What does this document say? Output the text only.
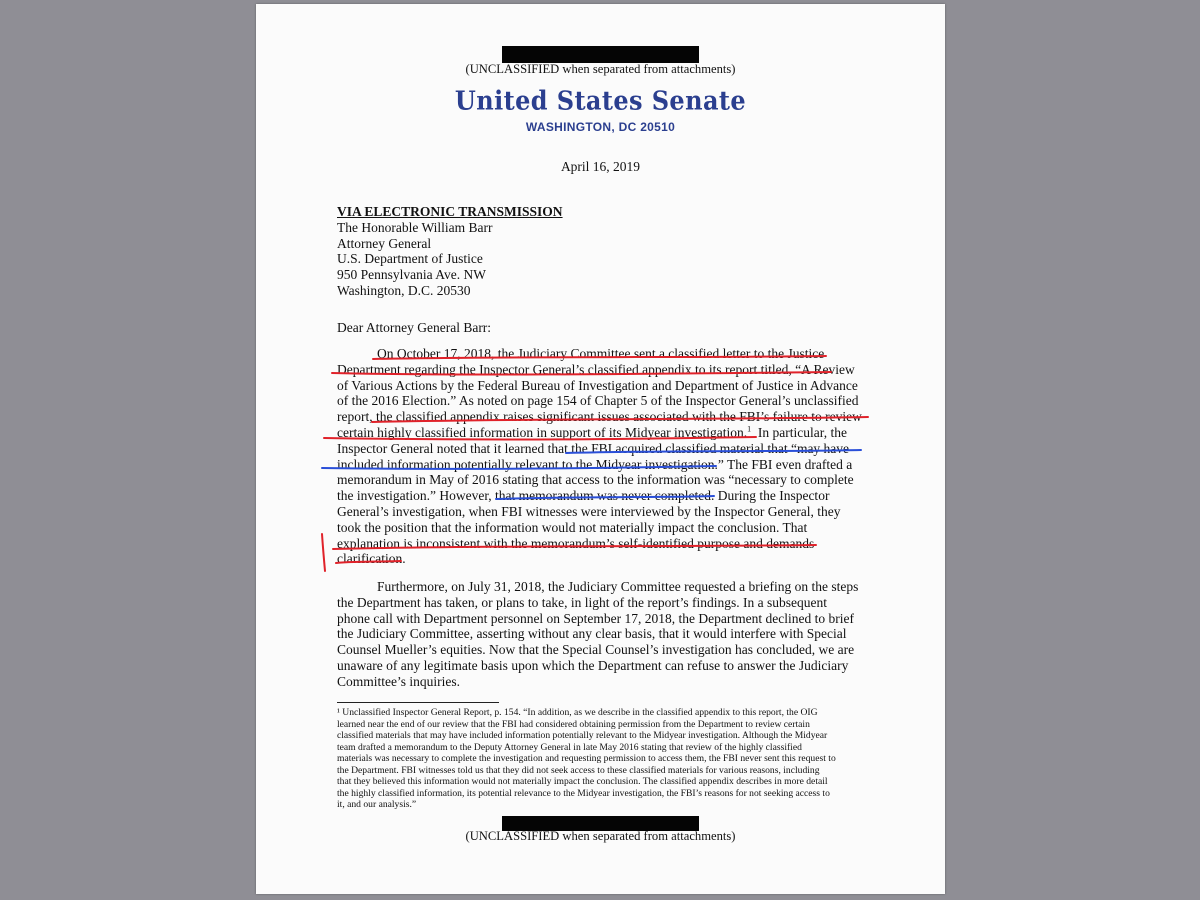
(UNCLASSIFIED when separated from attachments)
United States Senate
WASHINGTON, DC 20510
April 16, 2019
VIA ELECTRONIC TRANSMISSION
The Honorable William Barr
Attorney General
U.S. Department of Justice
950 Pennsylvania Ave. NW
Washington, D.C. 20530
Dear Attorney General Barr:
On October 17, 2018, the Judiciary Committee sent a classified letter to the Justice
Department regarding the Inspector General’s classified appendix to its report titled, “A Review
of Various Actions by the Federal Bureau of Investigation and Department of Justice in Advance
of the 2016 Election.” As noted on page 154 of Chapter 5 of the Inspector General’s unclassified
report, the classified appendix raises significant issues associated with the FBI’s failure to review
certain highly classified information in support of its Midyear investigation.$^1$  In particular, the
Inspector General noted that it learned that the FBI acquired classified material that “may have
included information potentially relevant to the Midyear investigation.” The FBI even drafted a
memorandum in May of 2016 stating that access to the information was “necessary to complete
the investigation.” However, that memorandum was never completed. During the Inspector
General’s investigation, when FBI witnesses were interviewed by the Inspector General, they
took the position that the information would not materially impact the conclusion. That
explanation is inconsistent with the memorandum’s self-identified purpose and demands
clarification.
Furthermore, on July 31, 2018, the Judiciary Committee requested a briefing on the steps
the Department has taken, or plans to take, in light of the report’s findings. In a subsequent
phone call with Department personnel on September 17, 2018, the Department declined to brief
the Judiciary Committee, asserting without any clear basis, that it would interfere with Special
Counsel Mueller’s equities. Now that the Special Counsel’s investigation has concluded, we are
unaware of any legitimate basis upon which the Department can refuse to answer the Judiciary
Committee’s inquiries.
¹ Unclassified Inspector General Report, p. 154. “In addition, as we describe in the classified appendix to this report, the OIG
learned near the end of our review that the FBI had considered obtaining permission from the Department to review certain
classified materials that may have included information potentially relevant to the Midyear investigation. Although the Midyear
team drafted a memorandum to the Deputy Attorney General in late May 2016 stating that review of the highly classified
materials was necessary to complete the investigation and requesting permission to access them, the FBI never sent this request to
the Department. FBI witnesses told us that they did not seek access to these classified materials for various reasons, including
that they believed this information would not materially impact the conclusion. The classified appendix describes in more detail
the highly classified information, its potential relevance to the Midyear investigation, the FBI’s reasons for not seeking access to
it, and our analysis.”
(UNCLASSIFIED when separated from attachments)
